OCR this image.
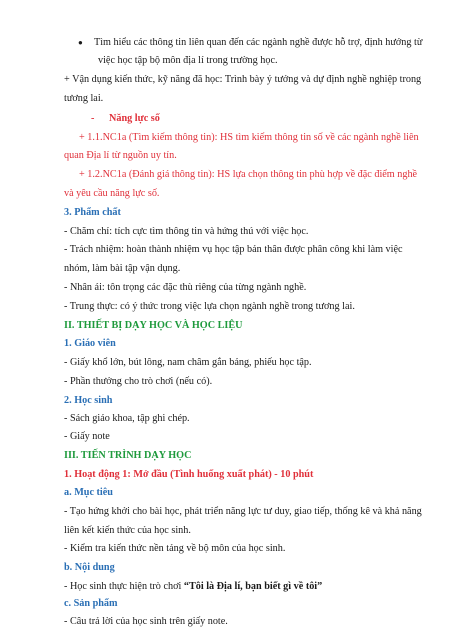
● Tìm hiểu các thông tin liên quan đến các ngành nghề được hỗ trợ, định hướng từ
việc học tập bộ môn địa lí trong trường học.
+ Vận dụng kiến thức, kỹ năng đã học: Trình bày ý tưởng và dự định nghề nghiệp trong
tương lai.
- Năng lực số
+ 1.1.NC1a (Tìm kiếm thông tin): HS tìm kiếm thông tin số về các ngành nghề liên
quan Địa lí từ nguồn uy tín.
+ 1.2.NC1a (Đánh giá thông tin): HS lựa chọn thông tin phù hợp về đặc điểm nghề
và yêu cầu năng lực số.
3. Phẩm chất
- Chăm chỉ: tích cực tìm thông tin và hứng thú với việc học.
- Trách nhiệm: hoàn thành nhiệm vụ học tập bản thân được phân công khi làm việc
nhóm, làm bài tập vận dụng.
- Nhân ái: tôn trọng các đặc thù riêng của từng ngành nghề.
- Trung thực: có ý thức trong việc lựa chọn ngành nghề trong tương lai.
II. THIẾT BỊ DẠY HỌC VÀ HỌC LIỆU
1. Giáo viên
- Giấy khổ lớn, bút lông, nam châm gắn bảng, phiếu học tập.
- Phần thưởng cho trò chơi (nếu có).
2. Học sinh
- Sách giáo khoa, tập ghi chép.
- Giấy note
III. TIẾN TRÌNH DẠY HỌC
1. Hoạt động 1: Mở đầu (Tình huống xuất phát) - 10 phút
a. Mục tiêu
- Tạo hứng khởi cho bài học, phát triển năng lực tư duy, giao tiếp, thống kê và khả năng
liên kết kiến thức của học sinh.
- Kiểm tra kiến thức nền tảng về bộ môn của học sinh.
b. Nội dung
- Học sinh thực hiện trò chơi “Tôi là Địa lí, bạn biết gì về tôi”
c. Sản phẩm
- Câu trả lời của học sinh trên giấy note.
